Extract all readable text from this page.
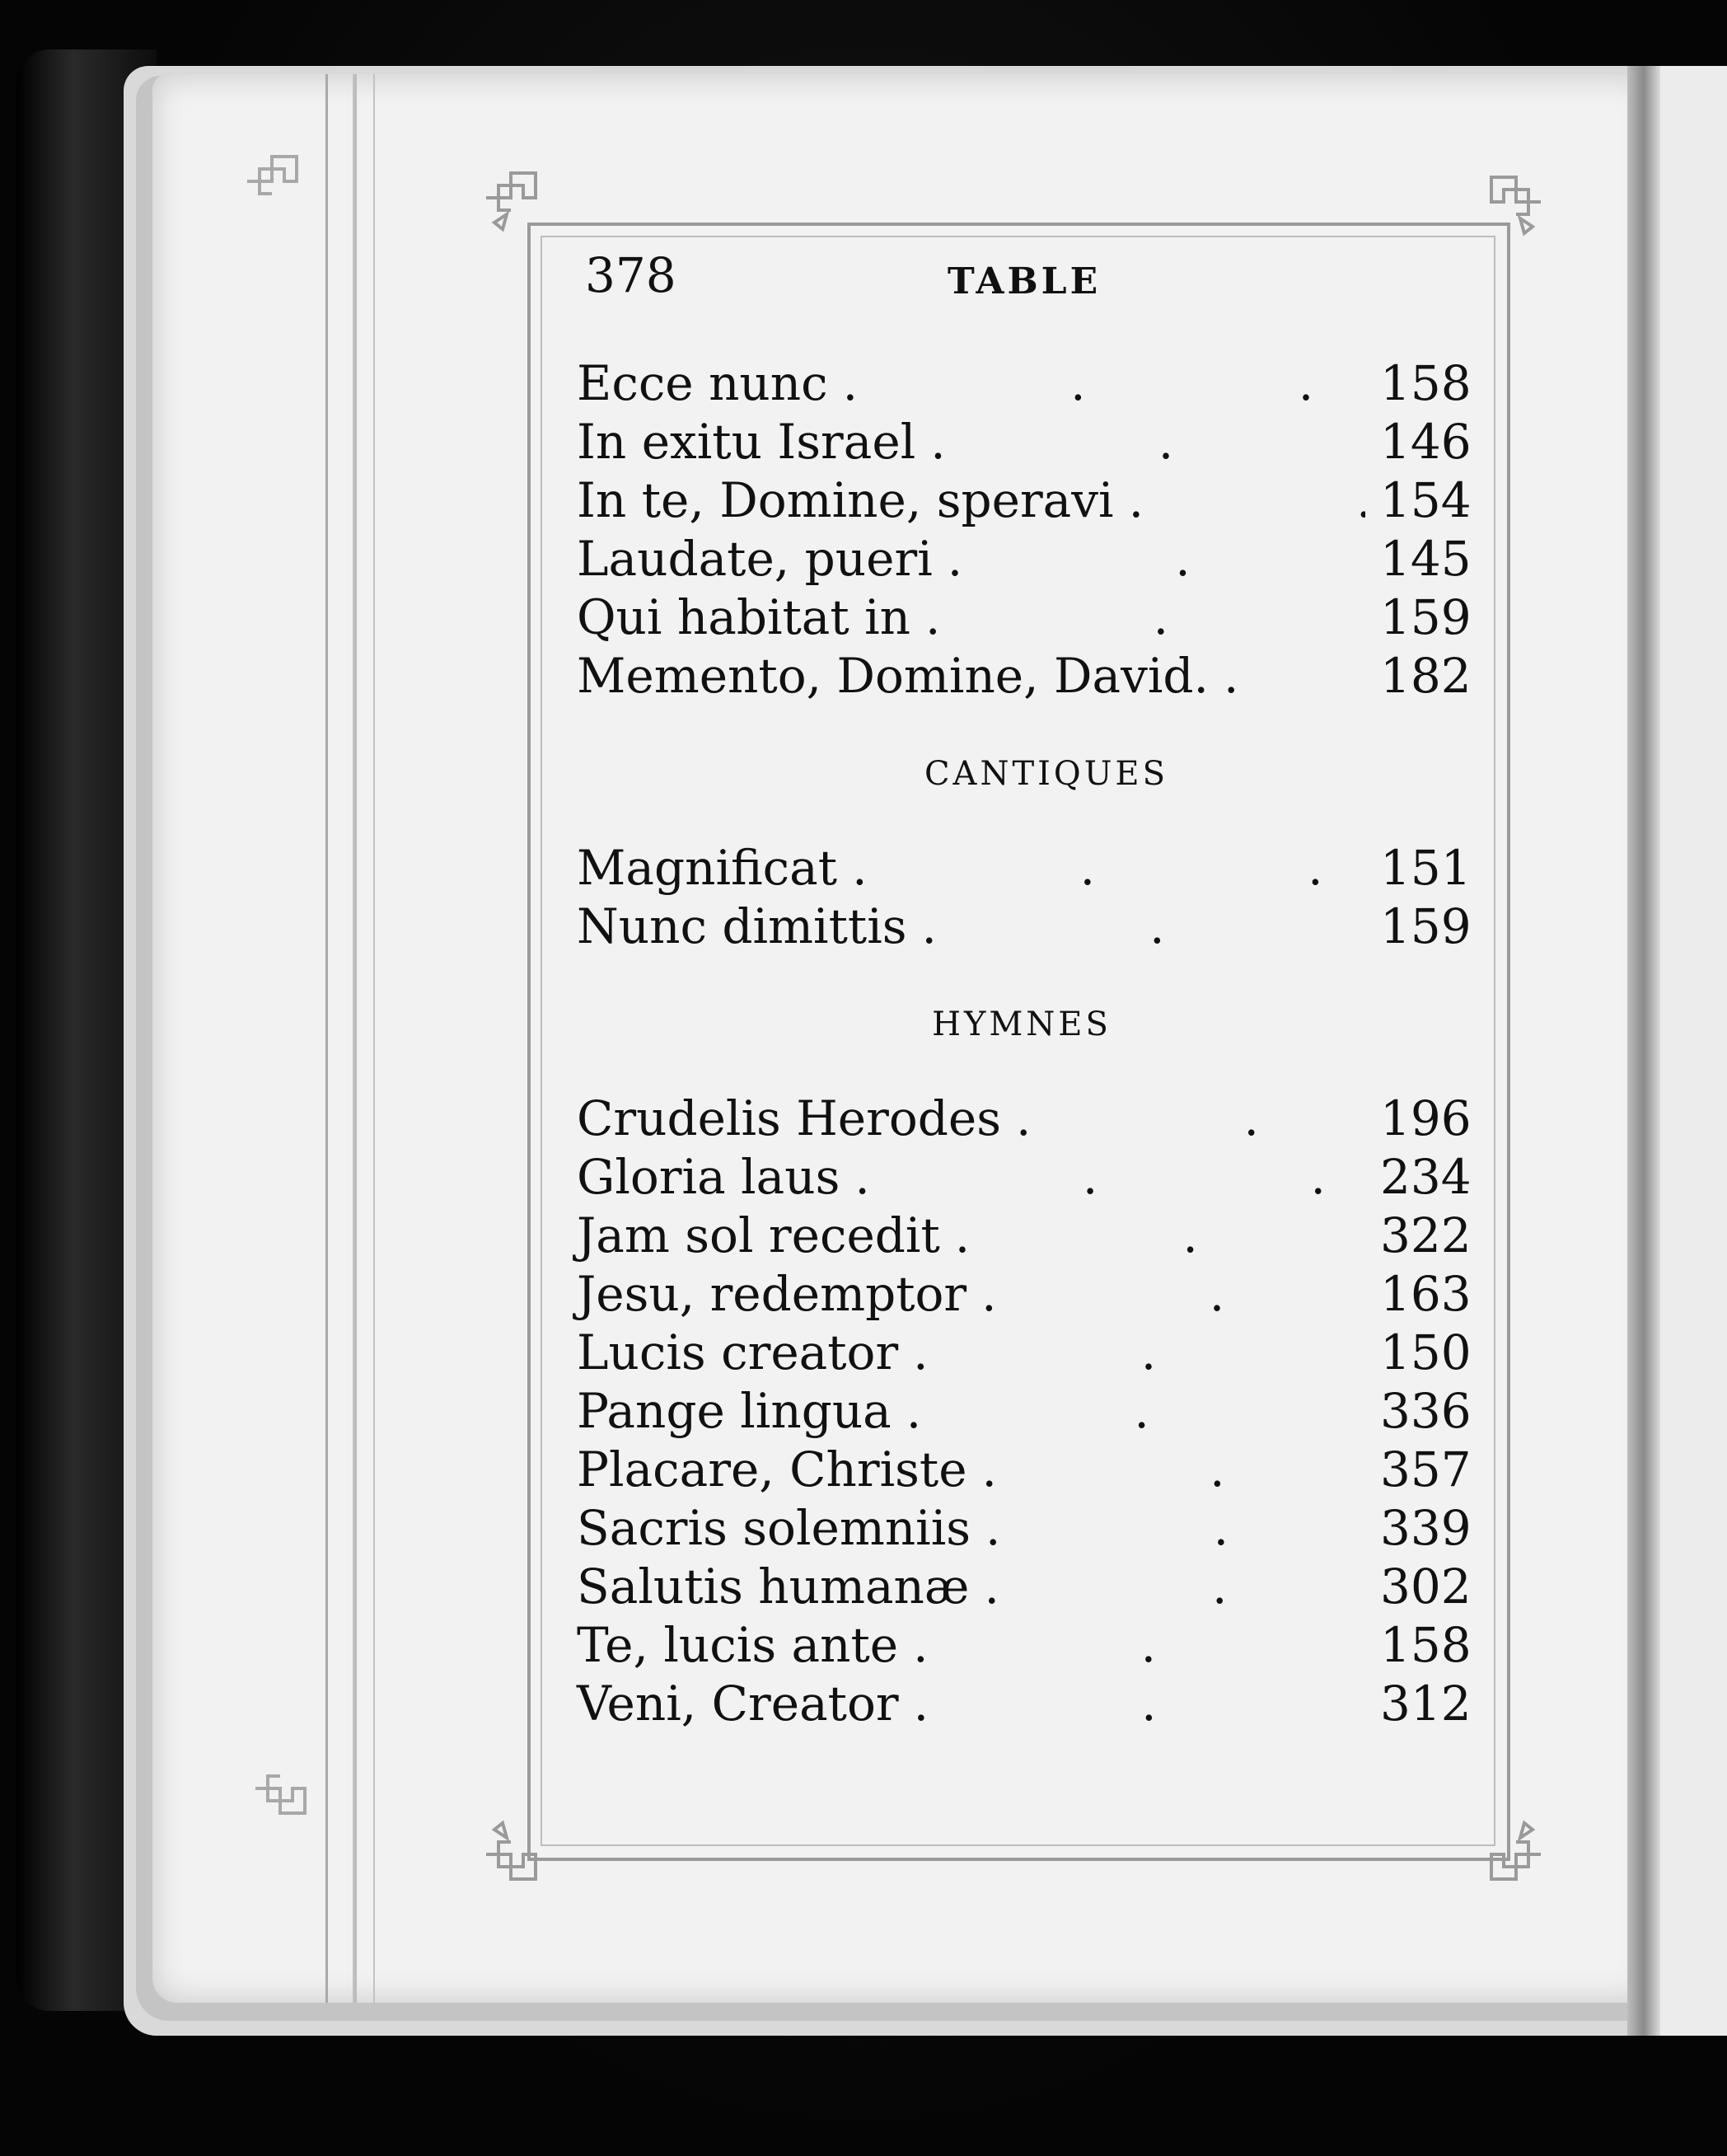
378	TABLE
Ecce nunc .	158
In exitu Israel .	146
In te, Domine, speravi .	154
Laudate, pueri .	145
Qui habitat in .	159
Memento, Domine, David. .	182
CANTIQUES
Magnificat .	151
Nunc dimittis .	159
HYMNES
Crudelis Herodes .	196
Gloria laus .	234
Jam sol recedit .	322
Jesu, redemptor .	163
Lucis creator .	150
Pange lingua .	336
Placare, Christe .	357
Sacris solemniis .	339
Salutis humanæ .	302
Te, lucis ante .	158
Veni, Creator .	312
